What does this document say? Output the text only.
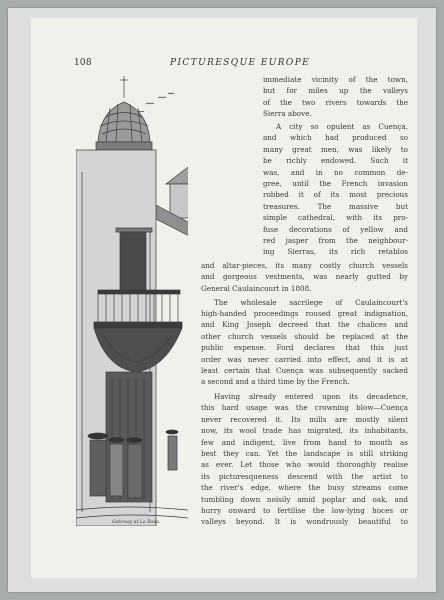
108	PICTURESQUE EUROPE
Gateway at La Roda.
immediate vicinity of the town,
but for miles up the valleys
of the two rivers towards the
Sierra above.
A city so opulent as Cuença,
and which had produced so
many great men, was likely to
be richly endowed. Such it
was, and in no common de-
gree, until the French invasion
robbed it of its most precious
treasures. The massive but
simple cathedral, with its pro-
fuse decorations of yellow and
red jasper from the neighbour-
ing Sierras, its rich retablos
and altar-pieces, its many costly church vessels
and gorgeous vestments, was nearly gutted by
General Caulaincourt in 1808.
The wholesale sacrilege of Caulaincourt's
high-handed proceedings roused great indignation,
and King Joseph decreed that the chalices and
other church vessels should be replaced at the
public expense. Ford declares that this just
order was never carried into effect, and it is at
least certain that Cuença was subsequently sacked
a second and a third time by the French.
Having already entered upon its decadence,
this hard usage was the crowning blow—Cuença
never recovered it. Its mills are mostly silent
now, its wool trade has migrated, its inhabitants,
few and indigent, live from hand to mouth as
best they can. Yet the landscape is still striking
as ever. Let those who would thoroughly realise
its picturesqueness descend with the artist to
the river's edge, where the busy streams come
tumbling down noisily amid poplar and oak, and
hurry onward to fertilise the low-lying hoces or
valleys beyond. It is wondrously beautiful to
